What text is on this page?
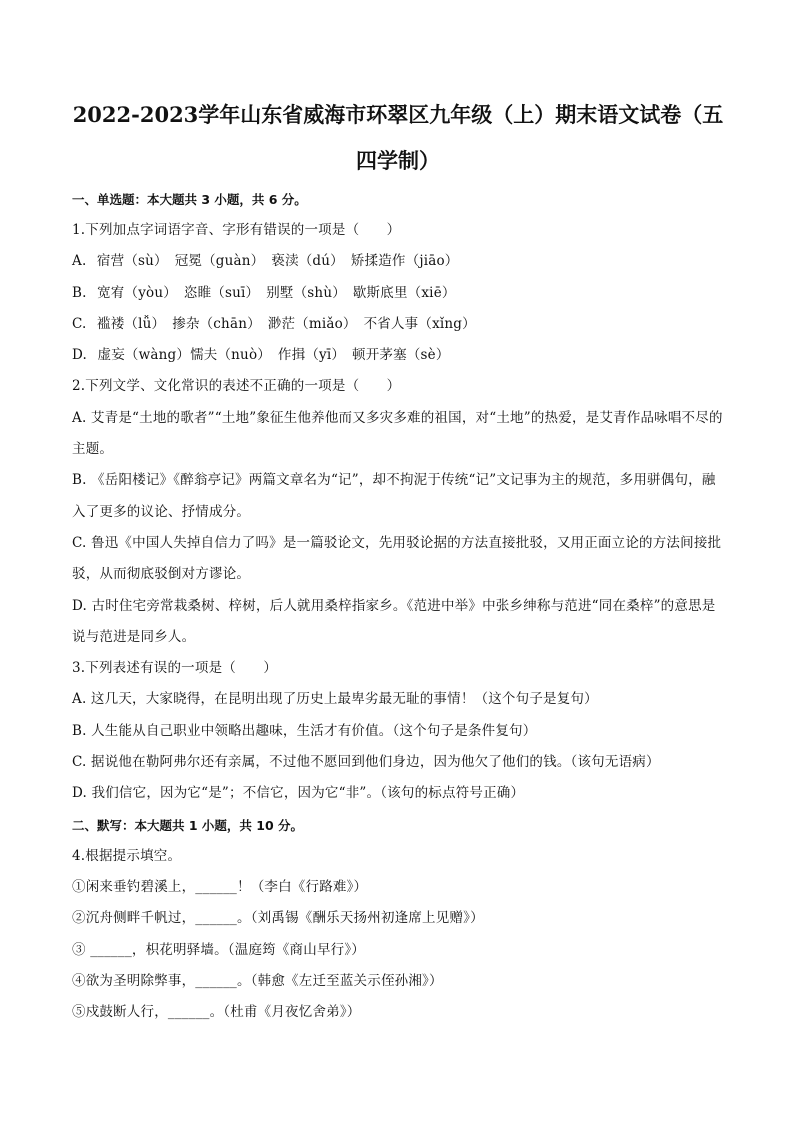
2022-2023学年山东省威海市环翠区九年级（上）期末语文试卷（五
四学制）
一、单选题：本大题共 3 小题，共 6 分。
1.下列加点字词语字音、字形有错误的一项是（　　）
A. 宿营（sù）　冠冕（guàn）　亵渎（dú）　矫揉造作（jiāo）
B. 宽宥（yòu）　恣睢（suī）　别墅（shù）　歇斯底里（xiē）
C. 褴褛（lǚ）　掺杂（chān）　渺茫（miǎo）　不省人事（xǐng）
D. 虚妄（wàng）懦夫（nuò）　作揖（yī）　顿开茅塞（sè）
2.下列文学、文化常识的表述不正确的一项是（　　）
A. 艾青是“土地的歌者”“土地”象征生他养他而又多灾多难的祖国，对“土地”的热爱，是艾青作品咏唱不尽的主题。
B. 《岳阳楼记》《醉翁亭记》两篇文章名为“记”，却不拘泥于传统“记”文记事为主的规范，多用骈偶句，融入了更多的议论、抒情成分。
C. 鲁迅《中国人失掉自信力了吗》是一篇驳论文，先用驳论据的方法直接批驳，又用正面立论的方法间接批驳，从而彻底驳倒对方谬论。
D. 古时住宅旁常栽桑树、梓树，后人就用桑梓指家乡。《范进中举》中张乡绅称与范进“同在桑梓”的意思是说与范进是同乡人。
3.下列表述有误的一项是（　　）
A. 这几天，大家晓得，在昆明出现了历史上最卑劣最无耻的事情！（这个句子是复句）
B. 人生能从自己职业中领略出趣味，生活才有价值。（这个句子是条件复句）
C. 据说他在勒阿弗尔还有亲属，不过他不愿回到他们身边，因为他欠了他们的钱。（该句无语病）
D. 我们信它，因为它“是”；不信它，因为它“非”。（该句的标点符号正确）
二、默写：本大题共 1 小题，共 10 分。
4.根据提示填空。
①闲来垂钓碧溪上，______！（李白《行路难》）
②沉舟侧畔千帆过，______。（刘禹锡《酬乐天扬州初逢席上见赠》）
③ ______，枳花明驿墙。（温庭筠《商山早行》）
④欲为圣明除弊事，______。（韩愈《左迁至蓝关示侄孙湘》）
⑤戍鼓断人行，______。（杜甫《月夜忆舍弟》）
